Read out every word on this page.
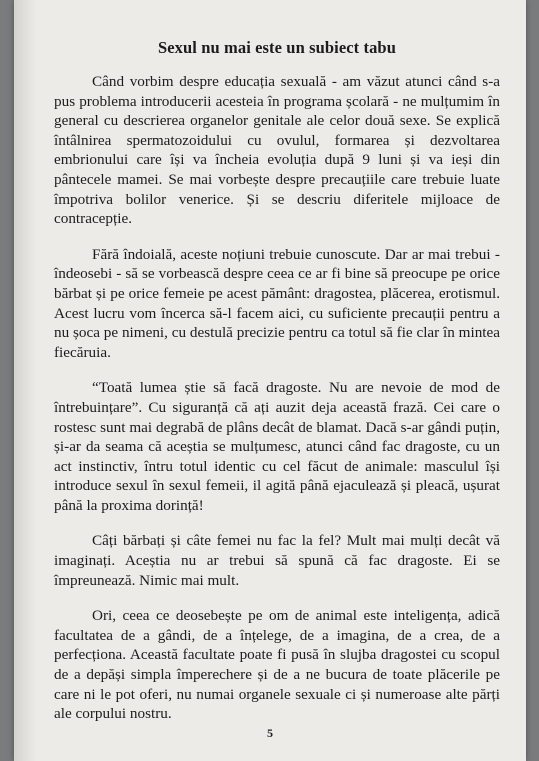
Sexul nu mai este un subiect tabu

Când vorbim despre educația sexuală - am văzut atunci când s-a pus problema introducerii acesteia în programa școlară - ne mulțumim în general cu descrierea organelor genitale ale celor două sexe. Se explică întâlnirea spermatozoidului cu ovulul, formarea și dezvoltarea embrionului care își va încheia evoluția după 9 luni și va ieși din pântecele mamei. Se mai vorbește despre precauțiile care trebuie luate împotriva bolilor venerice. Și se descriu diferitele mijloace de contracepție.

Fără îndoială, aceste noțiuni trebuie cunoscute. Dar ar mai trebui - îndeosebi - să se vorbească despre ceea ce ar fi bine să preocupe pe orice bărbat și pe orice femeie pe acest pământ: dragostea, plăcerea, erotismul. Acest lucru vom încerca să-l facem aici, cu suficiente precauții pentru a nu șoca pe nimeni, cu destulă precizie pentru ca totul să fie clar în mintea fiecăruia.

“Toată lumea știe să facă dragoste. Nu are nevoie de mod de întrebuințare”. Cu siguranță că ați auzit deja această frază. Cei care o rostesc sunt mai degrabă de plâns decât de blamat. Dacă s-ar gândi puțin, și-ar da seama că aceștia se mulțumesc, atunci când fac dragoste, cu un act instinctiv, întru totul identic cu cel făcut de animale: masculul își introduce sexul în sexul femeii, il agită până ejaculează și pleacă, ușurat până la proxima dorință!

Câți bărbați și câte femei nu fac la fel? Mult mai mulți decât vă imaginați. Aceștia nu ar trebui să spună că fac dragoste. Ei se împreunează. Nimic mai mult.

Ori, ceea ce deosebește pe om de animal este inteligența, adică facultatea de a gândi, de a înțelege, de a imagina, de a crea, de a perfecționa. Această facultate poate fi pusă în slujba dragostei cu scopul de a depăși simpla împerechere și de a ne bucura de toate plăcerile pe care ni le pot oferi, nu numai organele sexuale ci și numeroase alte părți ale corpului nostru.

5
